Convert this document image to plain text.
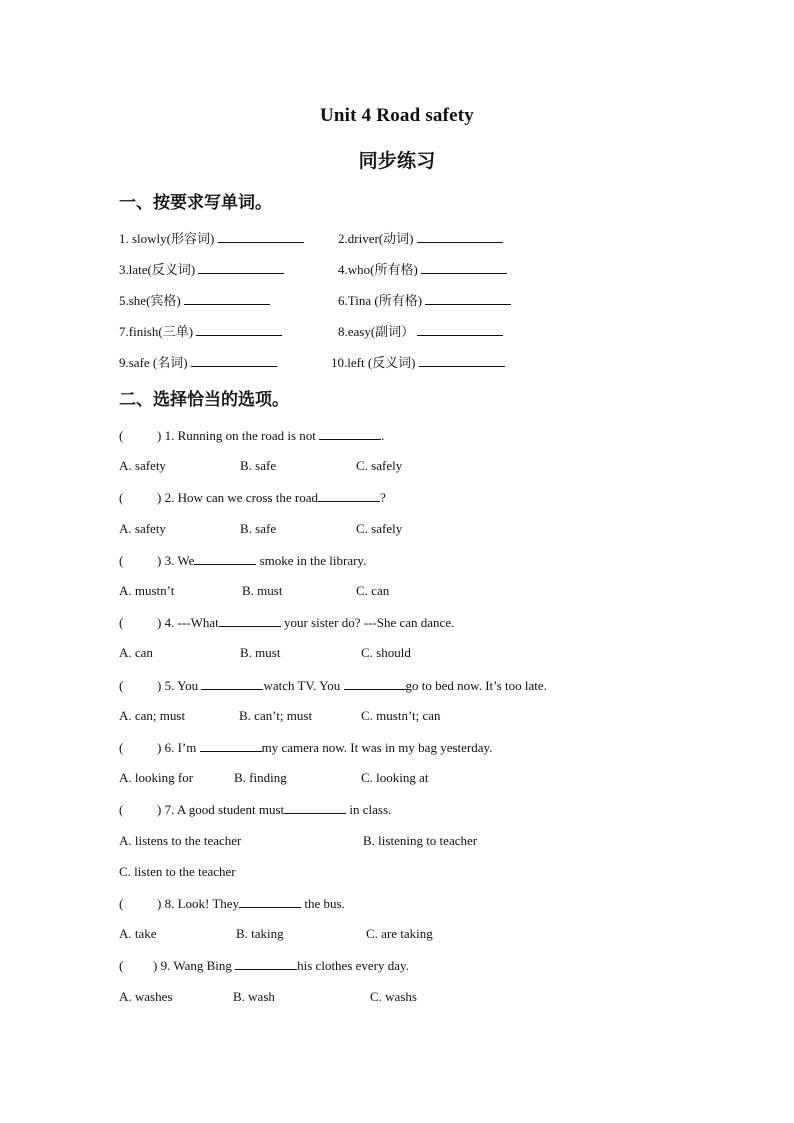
Unit 4 Road safety
同步练习
一、按要求写单词。
1. slowly(形容词)	2.driver(动词)
3.late(反义词)	4.who(所有格)
5.she(宾格)	6.Tina (所有格)
7.finish(三单)	8.easy(副词）
9.safe (名词)	10.left (反义词)
二、选择恰当的选项。
(	) 1. Running on the road is not	.
A. safety	B. safe	C. safely
(	) 2. How can we cross the road	?
A. safety	B. safe	C. safely
(	) 3. We	smoke in the library.
A. mustn’t	B. must	C. can
(	) 4. ---What	your sister do? ---She can dance.
A. can	B. must	C. should
(	) 5. You	watch TV. You	go to bed now. It’s too late.
A. can; must	B. can’t; must	C. mustn’t; can
(	) 6. I’m	my camera now. It was in my bag yesterday.
A. looking for	B. finding	C. looking at
(	) 7. A good student must	in class.
A. listens to the teacher	B. listening to teacher
C. listen to the teacher
(	) 8. Look! They	the bus.
A. take	B. taking	C. are taking
( ) 9. Wang Bing	his clothes every day.
A. washes	B. wash	C. washs
